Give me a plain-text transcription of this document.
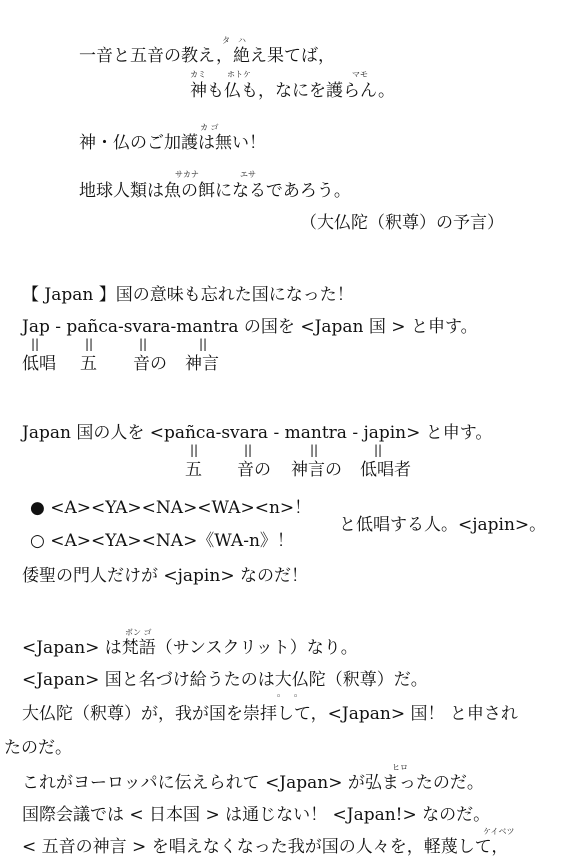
タ　ハ
一音と五音の教え，絶え果てば，
カミ	ホトケ	マモ
神も仏も，なにを護らん。
カ ゴ
神・仏のご加護は無い！
サカナ	エサ
地球人類は魚の餌になるであろう。
（大仏陀（釈尊）の予言）
【 Japan 】国の意味も忘れた国になった！
Jap - pañca-svara-mantra の国を <Japan 国 > と申す。
||	||	||	||
低唱 五 音の 神言
Japan 国の人を <pañca-svara - mantra - japin> と申す。
||	||	||	||
五 音の 神言の 低唱者
● <A><YA><NA><WA><n>！
○ <A><YA><NA>《WA-n》！
と低唱する人。<japin>。
倭聖の門人だけが <japin> なのだ！
ボン ゴ
<Japan> は梵語（サンスクリット）なり。
<Japan> 国と名づけ給うたのは大仏陀（釈尊）だ。
◦ ◦
大仏陀（釈尊）が，我が国を崇拝して，<Japan> 国！ と申され
たのだ。
ヒロ
これがヨーロッパに伝えられて <Japan> が弘まったのだ。
国際会議では < 日本国 > は通じない！ <Japan!> なのだ。
ケイベツ
< 五音の神言 > を唱えなくなった我が国の人々を，軽蔑して，
